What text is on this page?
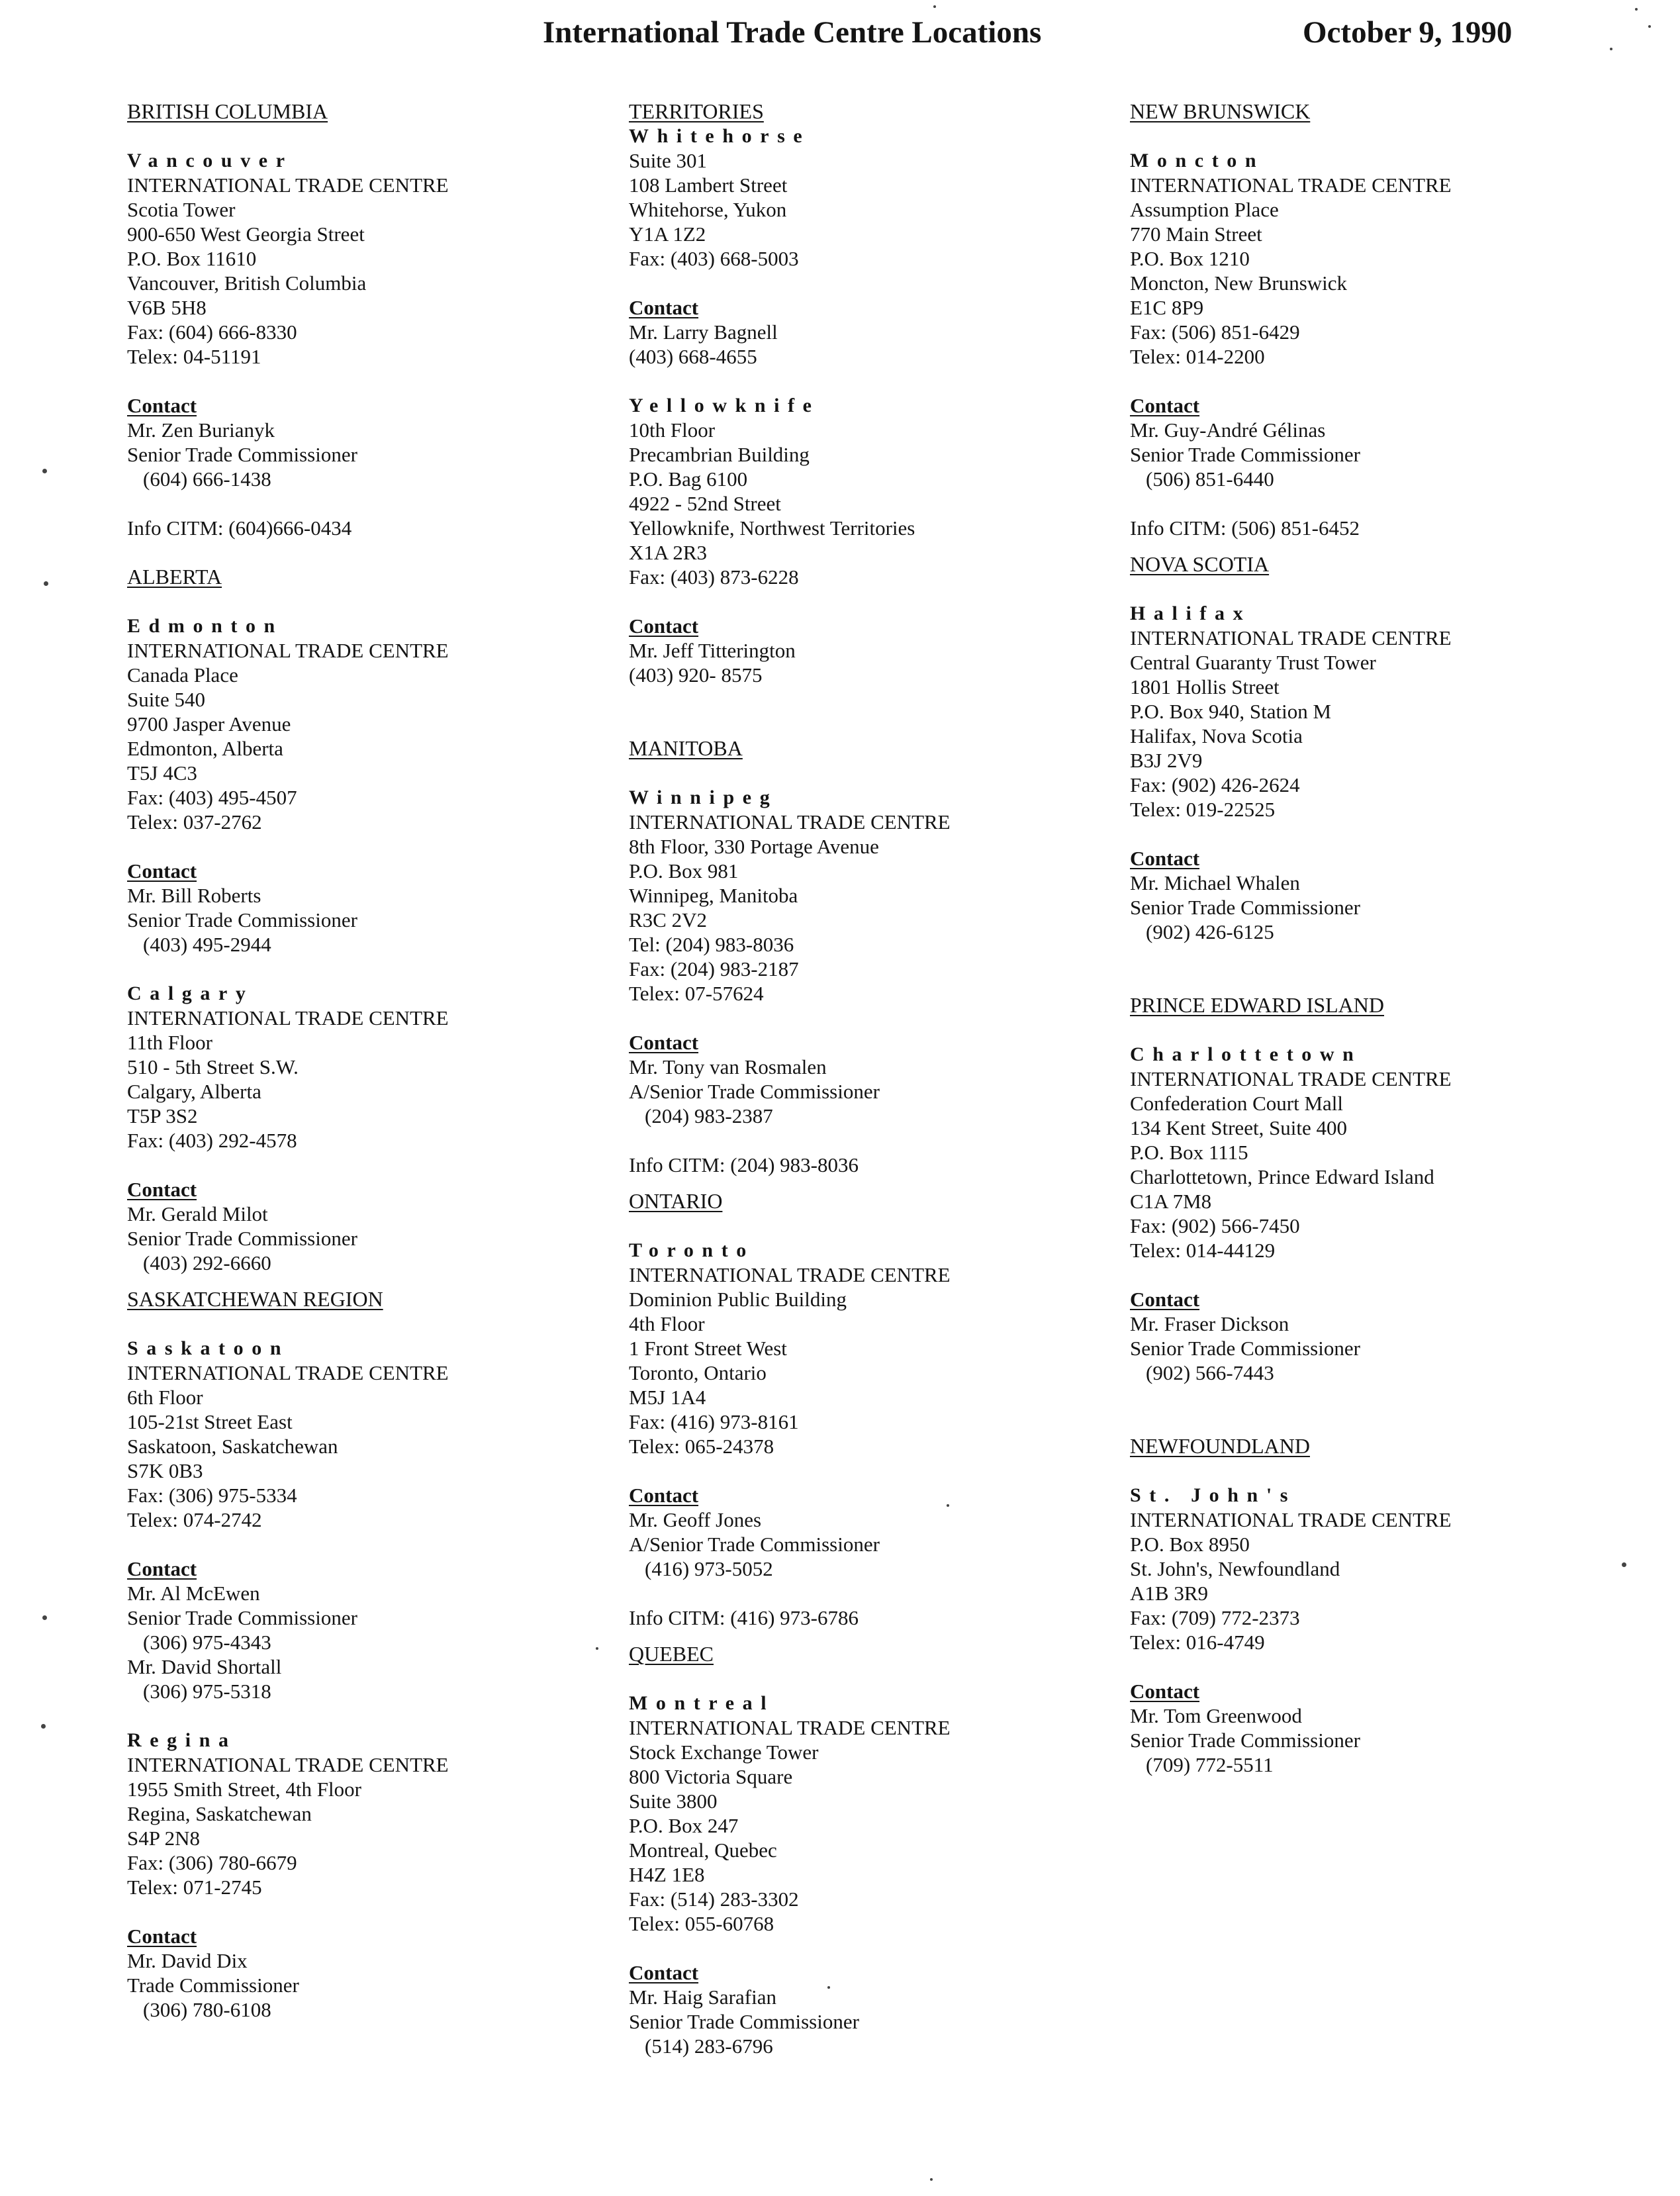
International Trade Centre Locations	October 9, 1990
BRITISH COLUMBIA
Vancouver
INTERNATIONAL TRADE CENTRE
Scotia Tower
900-650 West Georgia Street
P.O. Box 11610
Vancouver, British Columbia
V6B 5H8
Fax: (604) 666-8330
Telex: 04-51191
Contact
Mr. Zen Burianyk
Senior Trade Commissioner
(604) 666-1438
Info CITM: (604)666-0434
ALBERTA
Edmonton
INTERNATIONAL TRADE CENTRE
Canada Place
Suite 540
9700 Jasper Avenue
Edmonton, Alberta
T5J 4C3
Fax: (403) 495-4507
Telex: 037-2762
Contact
Mr. Bill Roberts
Senior Trade Commissioner
(403) 495-2944
Calgary
INTERNATIONAL TRADE CENTRE
11th Floor
510 - 5th Street S.W.
Calgary, Alberta
T5P 3S2
Fax: (403) 292-4578
Contact
Mr. Gerald Milot
Senior Trade Commissioner
(403) 292-6660
SASKATCHEWAN REGION
Saskatoon
INTERNATIONAL TRADE CENTRE
6th Floor
105-21st Street East
Saskatoon, Saskatchewan
S7K 0B3
Fax: (306) 975-5334
Telex: 074-2742
Contact
Mr. Al McEwen
Senior Trade Commissioner
(306) 975-4343
Mr. David Shortall
(306) 975-5318
Regina
INTERNATIONAL TRADE CENTRE
1955 Smith Street, 4th Floor
Regina, Saskatchewan
S4P 2N8
Fax: (306) 780-6679
Telex: 071-2745
Contact
Mr. David Dix
Trade Commissioner
(306) 780-6108
TERRITORIES
Whitehorse
Suite 301
108 Lambert Street
Whitehorse, Yukon
Y1A 1Z2
Fax: (403) 668-5003
Contact
Mr. Larry Bagnell
(403) 668-4655
Yellowknife
10th Floor
Precambrian Building
P.O. Bag 6100
4922 - 52nd Street
Yellowknife, Northwest Territories
X1A 2R3
Fax: (403) 873-6228
Contact
Mr. Jeff Titterington
(403) 920- 8575
MANITOBA
Winnipeg
INTERNATIONAL TRADE CENTRE
8th Floor, 330 Portage Avenue
P.O. Box 981
Winnipeg, Manitoba
R3C 2V2
Tel: (204) 983-8036
Fax: (204) 983-2187
Telex: 07-57624
Contact
Mr. Tony van Rosmalen
A/Senior Trade Commissioner
(204) 983-2387
Info CITM: (204) 983-8036
ONTARIO
Toronto
INTERNATIONAL TRADE CENTRE
Dominion Public Building
4th Floor
1 Front Street West
Toronto, Ontario
M5J 1A4
Fax: (416) 973-8161
Telex: 065-24378
Contact
Mr. Geoff Jones
A/Senior Trade Commissioner
(416) 973-5052
Info CITM: (416) 973-6786
QUEBEC
Montreal
INTERNATIONAL TRADE CENTRE
Stock Exchange Tower
800 Victoria Square
Suite 3800
P.O. Box 247
Montreal, Quebec
H4Z 1E8
Fax: (514) 283-3302
Telex: 055-60768
Contact
Mr. Haig Sarafian
Senior Trade Commissioner
(514) 283-6796
NEW BRUNSWICK
Moncton
INTERNATIONAL TRADE CENTRE
Assumption Place
770 Main Street
P.O. Box 1210
Moncton, New Brunswick
E1C 8P9
Fax: (506) 851-6429
Telex: 014-2200
Contact
Mr. Guy-André Gélinas
Senior Trade Commissioner
(506) 851-6440
Info CITM: (506) 851-6452
NOVA SCOTIA
Halifax
INTERNATIONAL TRADE CENTRE
Central Guaranty Trust Tower
1801 Hollis Street
P.O. Box 940, Station M
Halifax, Nova Scotia
B3J 2V9
Fax: (902) 426-2624
Telex: 019-22525
Contact
Mr. Michael Whalen
Senior Trade Commissioner
(902) 426-6125
PRINCE EDWARD ISLAND
Charlottetown
INTERNATIONAL TRADE CENTRE
Confederation Court Mall
134 Kent Street, Suite 400
P.O. Box 1115
Charlottetown, Prince Edward Island
C1A 7M8
Fax: (902) 566-7450
Telex: 014-44129
Contact
Mr. Fraser Dickson
Senior Trade Commissioner
(902) 566-7443
NEWFOUNDLAND
St. John's
INTERNATIONAL TRADE CENTRE
P.O. Box 8950
St. John's, Newfoundland
A1B 3R9
Fax: (709) 772-2373
Telex: 016-4749
Contact
Mr. Tom Greenwood
Senior Trade Commissioner
(709) 772-5511
